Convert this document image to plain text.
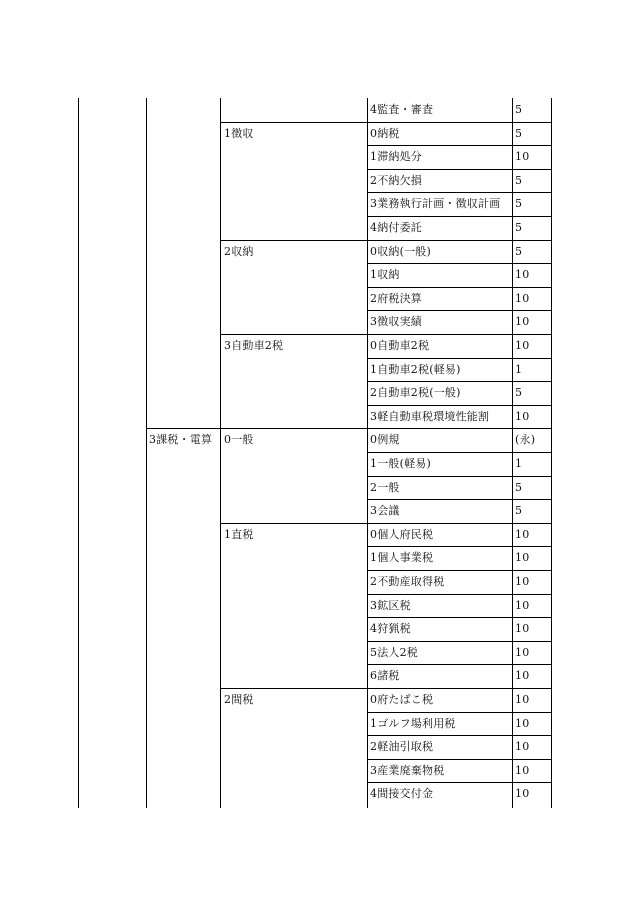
4監査・審査	5
1徴収	0納税	5
1滞納処分	10
2不納欠損	5
3業務執行計画・徴収計画 5
4納付委託	5
2収納	0収納(一般)	5
1収納	10
2府税決算	10
3徴収実績	10
3自動車2税	0自動車2税	10
1自動車2税(軽易)	1
2自動車2税(一般)	5
3軽自動車税環境性能割 10
3課税・電算 0一般	0例規	(永)
1一般(軽易)	1
2一般	5
3会議	5
1直税	0個人府民税	10
1個人事業税	10
2不動産取得税	10
3鉱区税	10
4狩猟税	10
5法人2税	10
6諸税	10
2間税	0府たばこ税	10
1ゴルフ場利用税	10
2軽油引取税	10
3産業廃棄物税	10
4間接交付金	10
